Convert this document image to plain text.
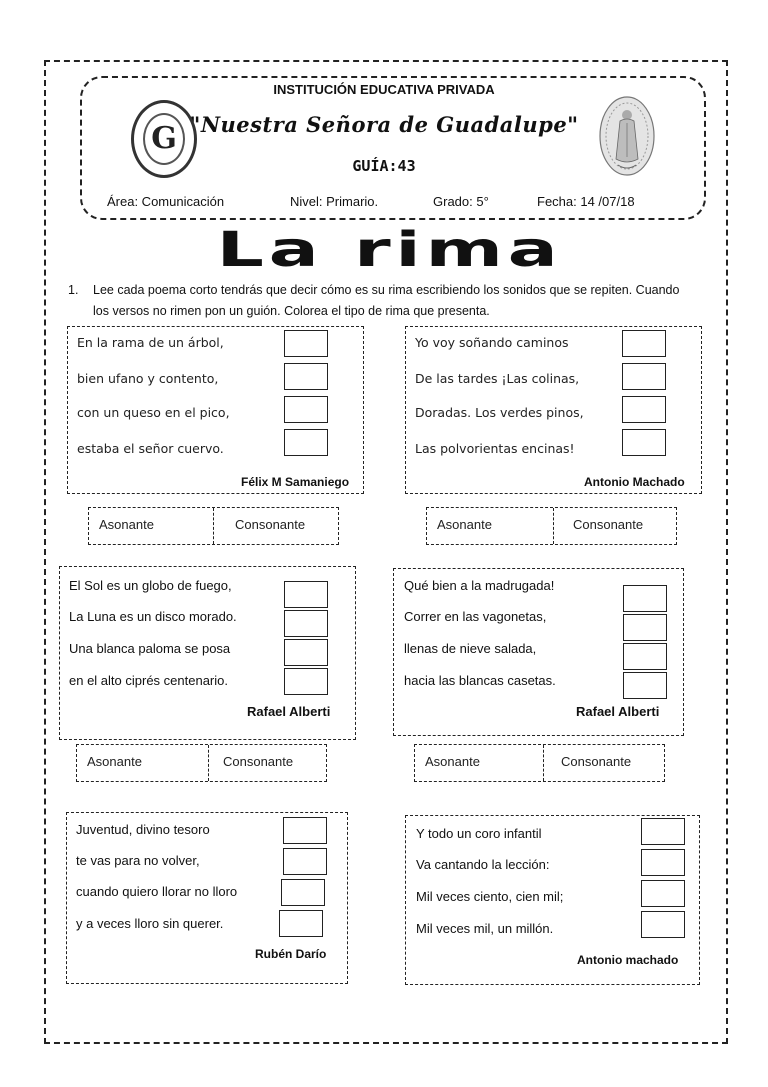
INSTITUCIÓN EDUCATIVA PRIVADA
"Nuestra Señora de Guadalupe"
GUÍA:43
G
Área: Comunicación	Nivel: Primario.	Grado: 5°	Fecha: 14 /07/18
La rima
1.	Lee cada poema corto tendrás que decir cómo es su rima escribiendo los sonidos que se repiten. Cuando los versos no rimen pon un guión. Colorea el tipo de rima que presenta.
En la rama de un árbol,
bien ufano y contento,
con un queso en el pico,
estaba el señor cuervo.
Félix M Samaniego
Asonante	Consonante
Yo voy soñando caminos
De las tardes ¡Las colinas,
Doradas. Los verdes pinos,
Las polvorientas encinas!
Antonio Machado
Asonante	Consonante
El Sol es un globo de fuego,
La Luna es un disco morado.
Una blanca paloma se posa
en el alto ciprés centenario.
Rafael Alberti
Asonante	Consonante
Qué bien a la madrugada!
Correr en las vagonetas,
llenas de nieve salada,
hacia las blancas casetas.
Rafael Alberti
Asonante	Consonante
Juventud, divino tesoro
te vas para no volver,
cuando quiero llorar no lloro
y a veces lloro sin querer.
Rubén Darío
Y todo un coro infantil
Va cantando la lección:
Mil veces ciento, cien mil;
Mil veces mil, un millón.
Antonio machado
